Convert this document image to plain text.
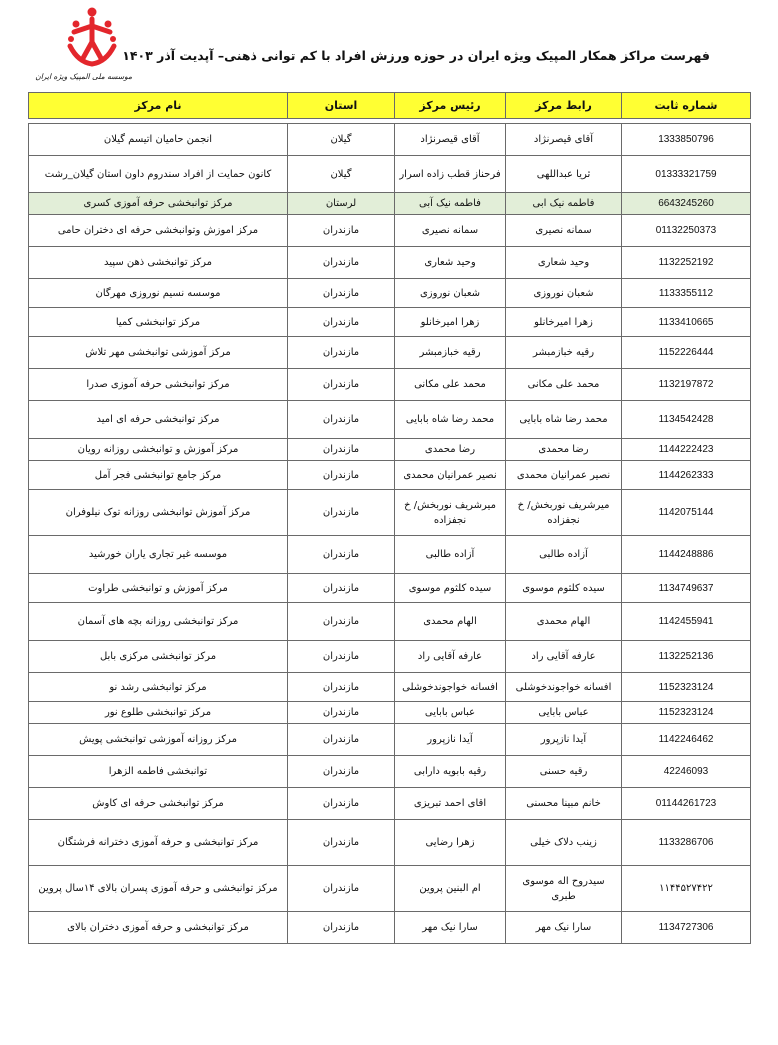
موسسه ملی المپیک ویژه ایران
فهرست مراکز همکار المپیک ویژه ایران در حوزه ورزش افراد با کم توانی ذهنی– آپدیت آذر ۱۴۰۳
شماره ثابت	رابط مرکز	رئیس مرکز	استان	نام مرکز

1333850796	آقای قیصرنژاد	آقای قیصرنژاد	گیلان	انجمن حامیان اتیسم گیلان
01333321759	ثریا عبداللهی	فرحناز قطب زاده اسرار	گیلان	کانون حمایت از افراد سندروم داون استان گیلان_رشت
6643245260	فاطمه نیک ابی	فاطمه نیک آبی	لرستان	مرکز توانبخشی حرفه آموزی کسری
01132250373	سمانه نصیری	سمانه نصیری	مازندران	مرکز اموزش وتوانبخشی حرفه ای دختران حامی
1132252192	وحید شعاری	وحید شعاری	مازندران	مرکز توانبخشی ذهن سپید
1133355112	شعبان نوروزی	شعبان نوروزی	مازندران	موسسه نسیم نوروزی مهرگان
1133410665	زهرا امیرخانلو	زهرا امیرخانلو	مازندران	مرکز توانبخشی کمیا
1152226444	رقیه خبازمبشر	رقیه خبازمبشر	مازندران	مرکز آموزشی توانبخشی مهر تلاش
1132197872	محمد علی مکانی	محمد علی مکانی	مازندران	مرکز توانبخشی حرفه آموزی صدرا
1134542428	محمد رضا شاه بابایی	محمد رضا شاه بابایی	مازندران	مرکز توانبخشی حرفه ای امید
1144222423	رضا محمدی	رضا محمدی	مازندران	مرکز آموزش و توانبخشی روزانه رویان
1144262333	نصیر عمرانیان محمدی	نصیر عمرانیان محمدی	مازندران	مرکز جامع توانبخشی فجر آمل
1142075144	میرشریف نوربخش/ خ نجفزاده	میرشریف نوربخش/ خ نجفزاده	مازندران	مرکز آموزش توانبخشی روزانه توک نیلوفران
1144248886	آزاده طالبی	آزاده طالبی	مازندران	موسسه غیر تجاری یاران خورشید
1134749637	سیده کلثوم موسوی	سیده کلثوم موسوی	مازندران	مرکز آموزش و توانبخشی طراوت
1142455941	الهام محمدی	الهام محمدی	مازندران	مرکز توانبخشی روزانه بچه های آسمان
1132252136	عارفه آقایی راد	عارفه آقایی راد	مازندران	مرکز توانبخشی مرکزی بابل
1152323124	افسانه خواجوندخوشلی	افسانه خواجوندخوشلی	مازندران	مرکز توانبخشی رشد نو
1152323124	عباس بابایی	عباس بابایی	مازندران	مرکز توانبخشی طلوع نور
1142246462	آیدا نازپرور	آیدا نازپرور	مازندران	مرکز روزانه آموزشی توانبخشی پویش
42246093	رقیه حسنی	رقیه بابویه دارابی	مازندران	توانبخشی فاطمه الزهرا
01144261723	خانم مبینا محسنی	اقای احمد تبریزی	مازندران	مرکز توانبخشی حرفه ای کاوش
1133286706	زینب دلاک خیلی	زهرا رضایی	مازندران	مرکز توانبخشی و حرفه آموزی دخترانه فرشتگان
۱۱۴۴۵۲۷۴۲۲	سیدروح اله موسوی طبری	ام البنین پروین	مازندران	مرکز توانبخشی و حرفه آموزی پسران بالای ۱۴سال پروین
1134727306	سارا نیک مهر	سارا نیک مهر	مازندران	مرکز توانبخشی و حرفه آموزی دختران بالای
